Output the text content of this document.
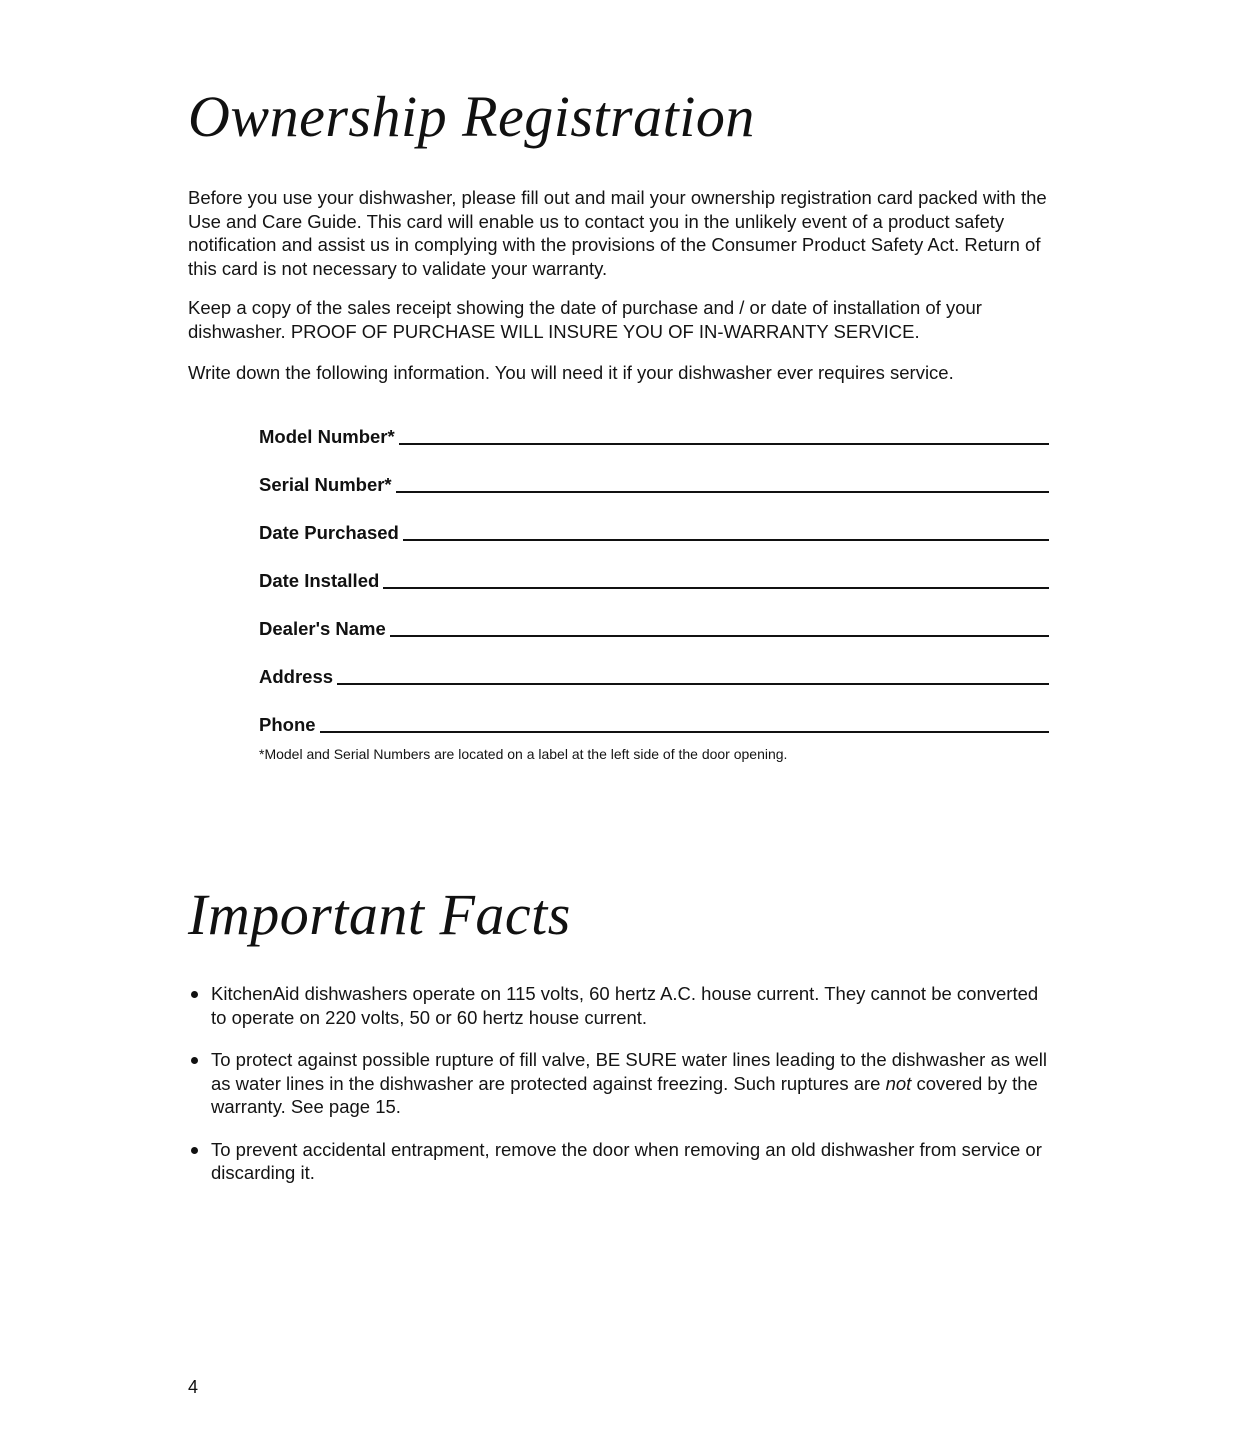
Ownership Registration

Before you use your dishwasher, please fill out and mail your ownership registration card packed with the Use and Care Guide. This card will enable us to contact you in the unlikely event of a product safety notification and assist us in complying with the provisions of the Consumer Product Safety Act. Return of this card is not necessary to validate your warranty.

Keep a copy of the sales receipt showing the date of purchase and / or date of installation of your dishwasher. PROOF OF PURCHASE WILL INSURE YOU OF IN-WARRANTY SERVICE.

Write down the following information. You will need it if your dishwasher ever requires service.

Model Number*
Serial Number*
Date Purchased
Date Installed
Dealer's Name
Address
Phone

*Model and Serial Numbers are located on a label at the left side of the door opening.

Important Facts
KitchenAid dishwashers operate on 115 volts, 60 hertz A.C. house current. They cannot be converted to operate on 220 volts, 50 or 60 hertz house current.
To protect against possible rupture of fill valve, BE SURE water lines leading to the dishwasher as well as water lines in the dishwasher are protected against freezing. Such ruptures are not covered by the warranty. See page 15.
To prevent accidental entrapment, remove the door when removing an old dishwasher from service or discarding it.

4
